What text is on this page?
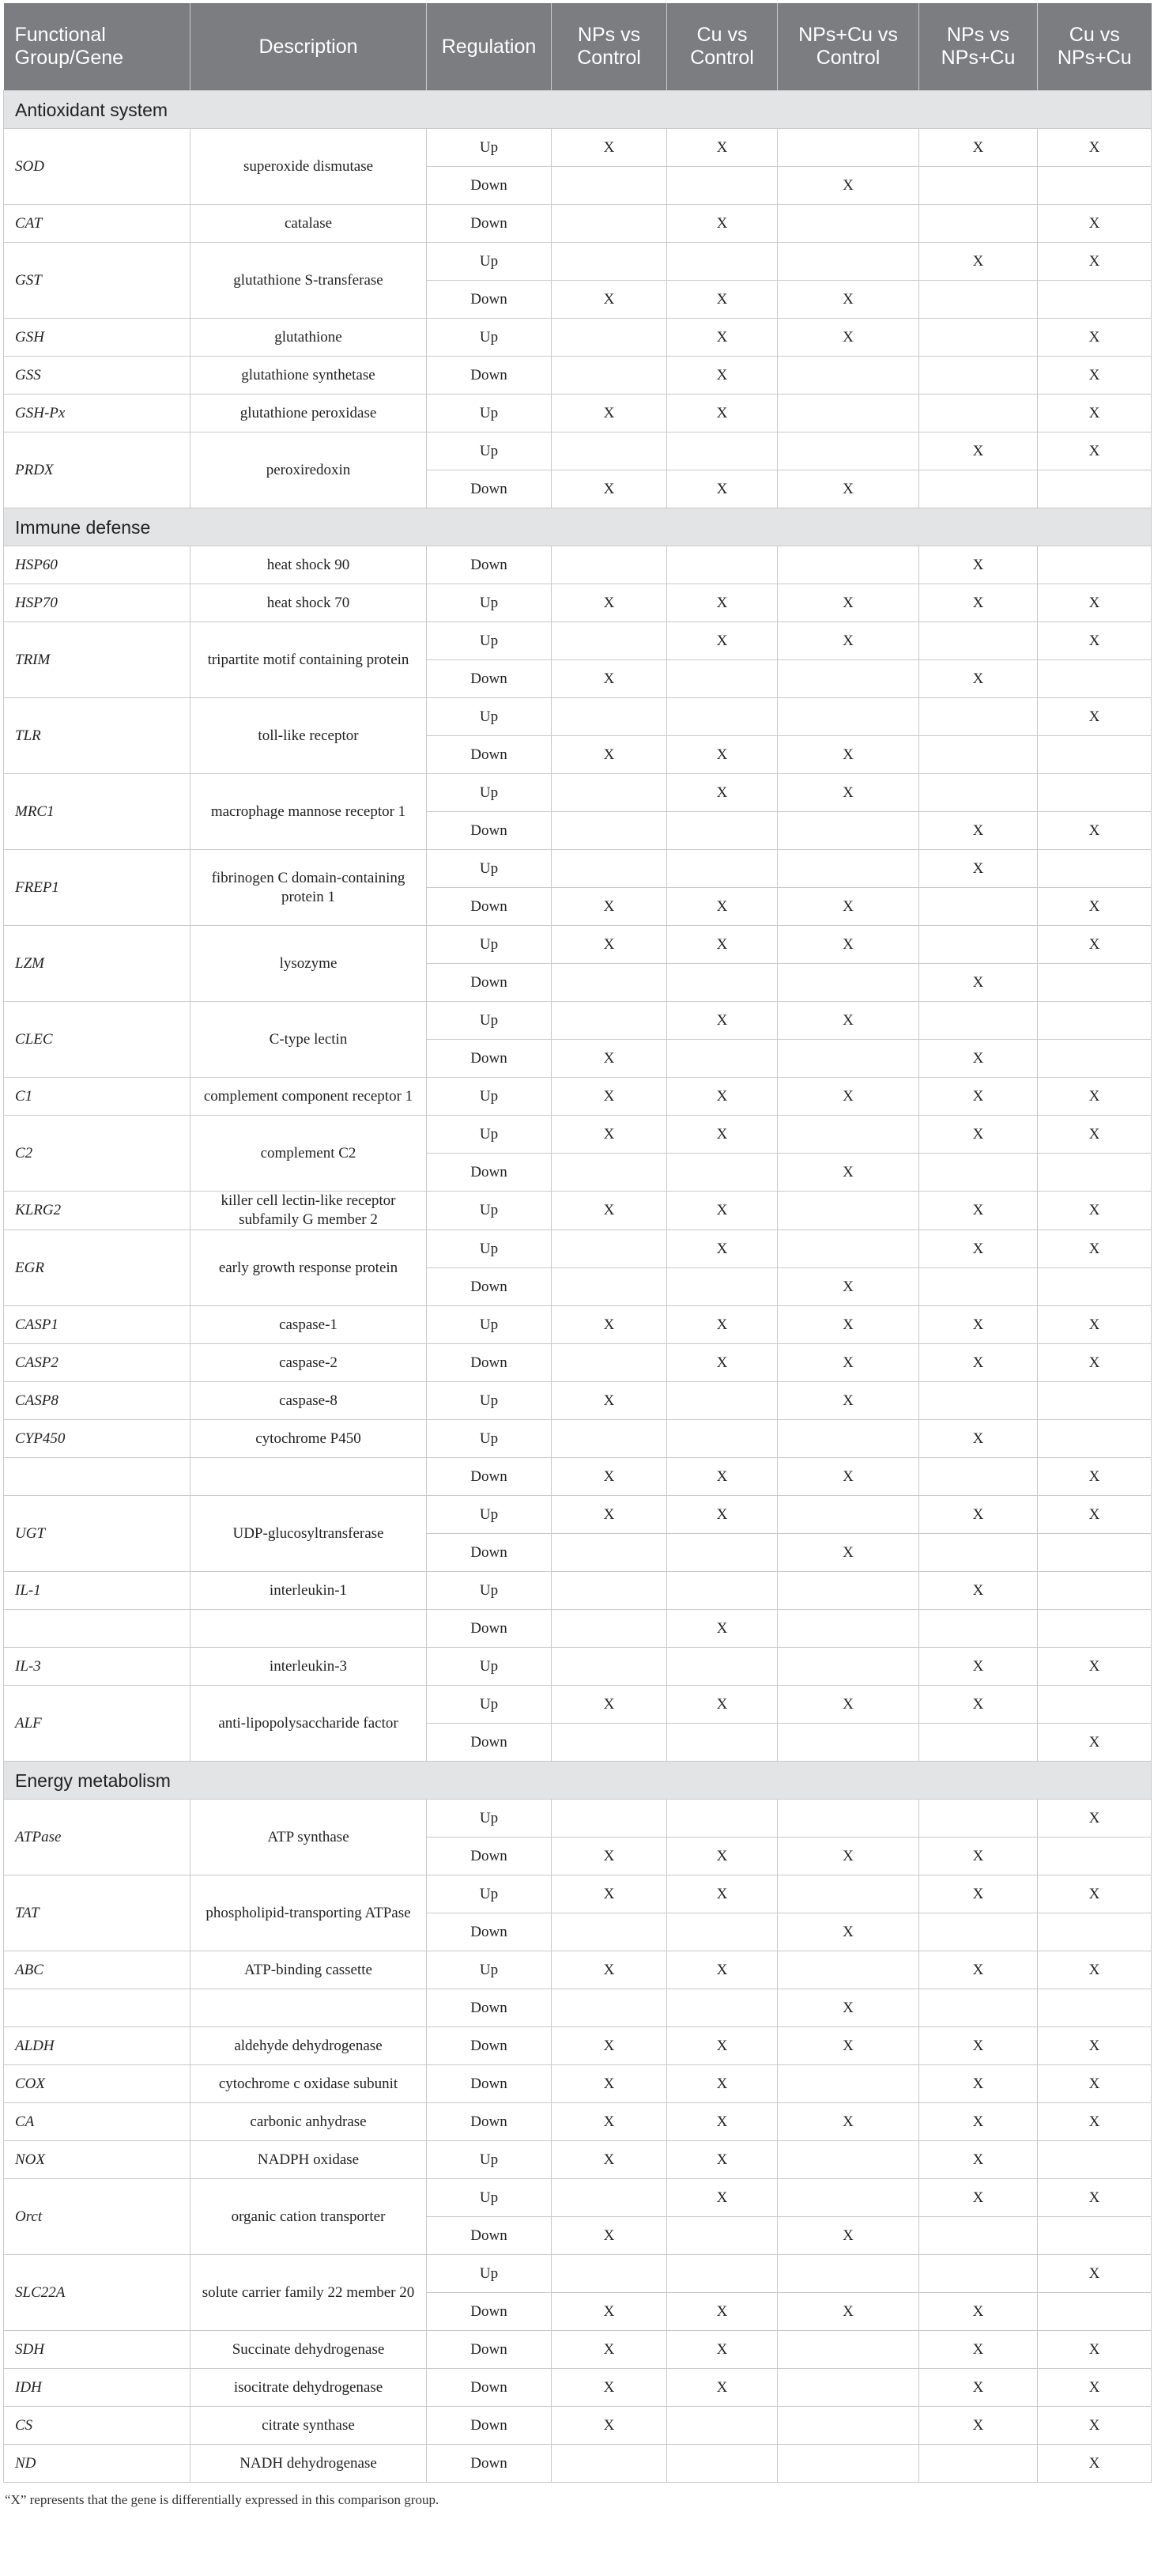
Functional Group/Gene	Description	Regulation	NPs vs Control	Cu vs Control	NPs+Cu vs Control	NPs vs NPs+Cu	Cu vs NPs+Cu
Antioxidant system							
SOD	superoxide dismutase	Up	X	X		X	X
		Down			X		
CAT	catalase	Down		X			X
GST	glutathione S-transferase	Up				X	X
		Down	X	X	X		
GSH	glutathione	Up		X	X		X
GSS	glutathione synthetase	Down		X			X
GSH-Px	glutathione peroxidase	Up	X	X			X
PRDX	peroxiredoxin	Up				X	X
		Down	X	X	X		
Immune defense							
HSP60	heat shock 90	Down				X	
HSP70	heat shock 70	Up	X	X	X	X	X
TRIM	tripartite motif containing protein	Up		X	X		X
		Down	X			X	
TLR	toll-like receptor	Up					X
		Down	X	X	X		
MRC1	macrophage mannose receptor 1	Up		X	X		
		Down				X	X
FREP1	fibrinogen C domain-containing protein 1	Up				X	
		Down	X	X	X		X
LZM	lysozyme	Up	X	X	X		X
		Down				X	
CLEC	C-type lectin	Up		X	X		
		Down	X			X	
C1	complement component receptor 1	Up	X	X	X	X	X
C2	complement C2	Up	X	X		X	X
		Down			X		
KLRG2	killer cell lectin-like receptor subfamily G member 2	Up	X	X		X	X
EGR	early growth response protein	Up		X		X	X
		Down			X		
CASP1	caspase-1	Up	X	X	X	X	X
CASP2	caspase-2	Down		X	X	X	X
CASP8	caspase-8	Up	X		X		
CYP450	cytochrome P450	Up				X	
		Down	X	X	X		X
UGT	UDP-glucosyltransferase	Up	X	X		X	X
		Down			X		
IL-1	interleukin-1	Up				X	
		Down		X			
IL-3	interleukin-3	Up				X	X
ALF	anti-lipopolysaccharide factor	Up	X	X	X	X	
		Down					X
Energy metabolism							
ATPase	ATP synthase	Up					X
		Down	X	X	X	X	
TAT	phospholipid-transporting ATPase	Up	X	X		X	X
		Down			X		
ABC	ATP-binding cassette	Up	X	X		X	X
		Down			X		
ALDH	aldehyde dehydrogenase	Down	X	X	X	X	X
COX	cytochrome c oxidase subunit	Down	X	X		X	X
CA	carbonic anhydrase	Down	X	X	X	X	X
NOX	NADPH oxidase	Up	X	X		X	
Orct	organic cation transporter	Up		X		X	X
		Down	X		X		
SLC22A	solute carrier family 22 member 20	Up					X
		Down	X	X	X	X	
SDH	Succinate dehydrogenase	Down	X	X		X	X
IDH	isocitrate dehydrogenase	Down	X	X		X	X
CS	citrate synthase	Down	X			X	X
ND	NADH dehydrogenase	Down					X
“X” represents that the gene is differentially expressed in this comparison group.
